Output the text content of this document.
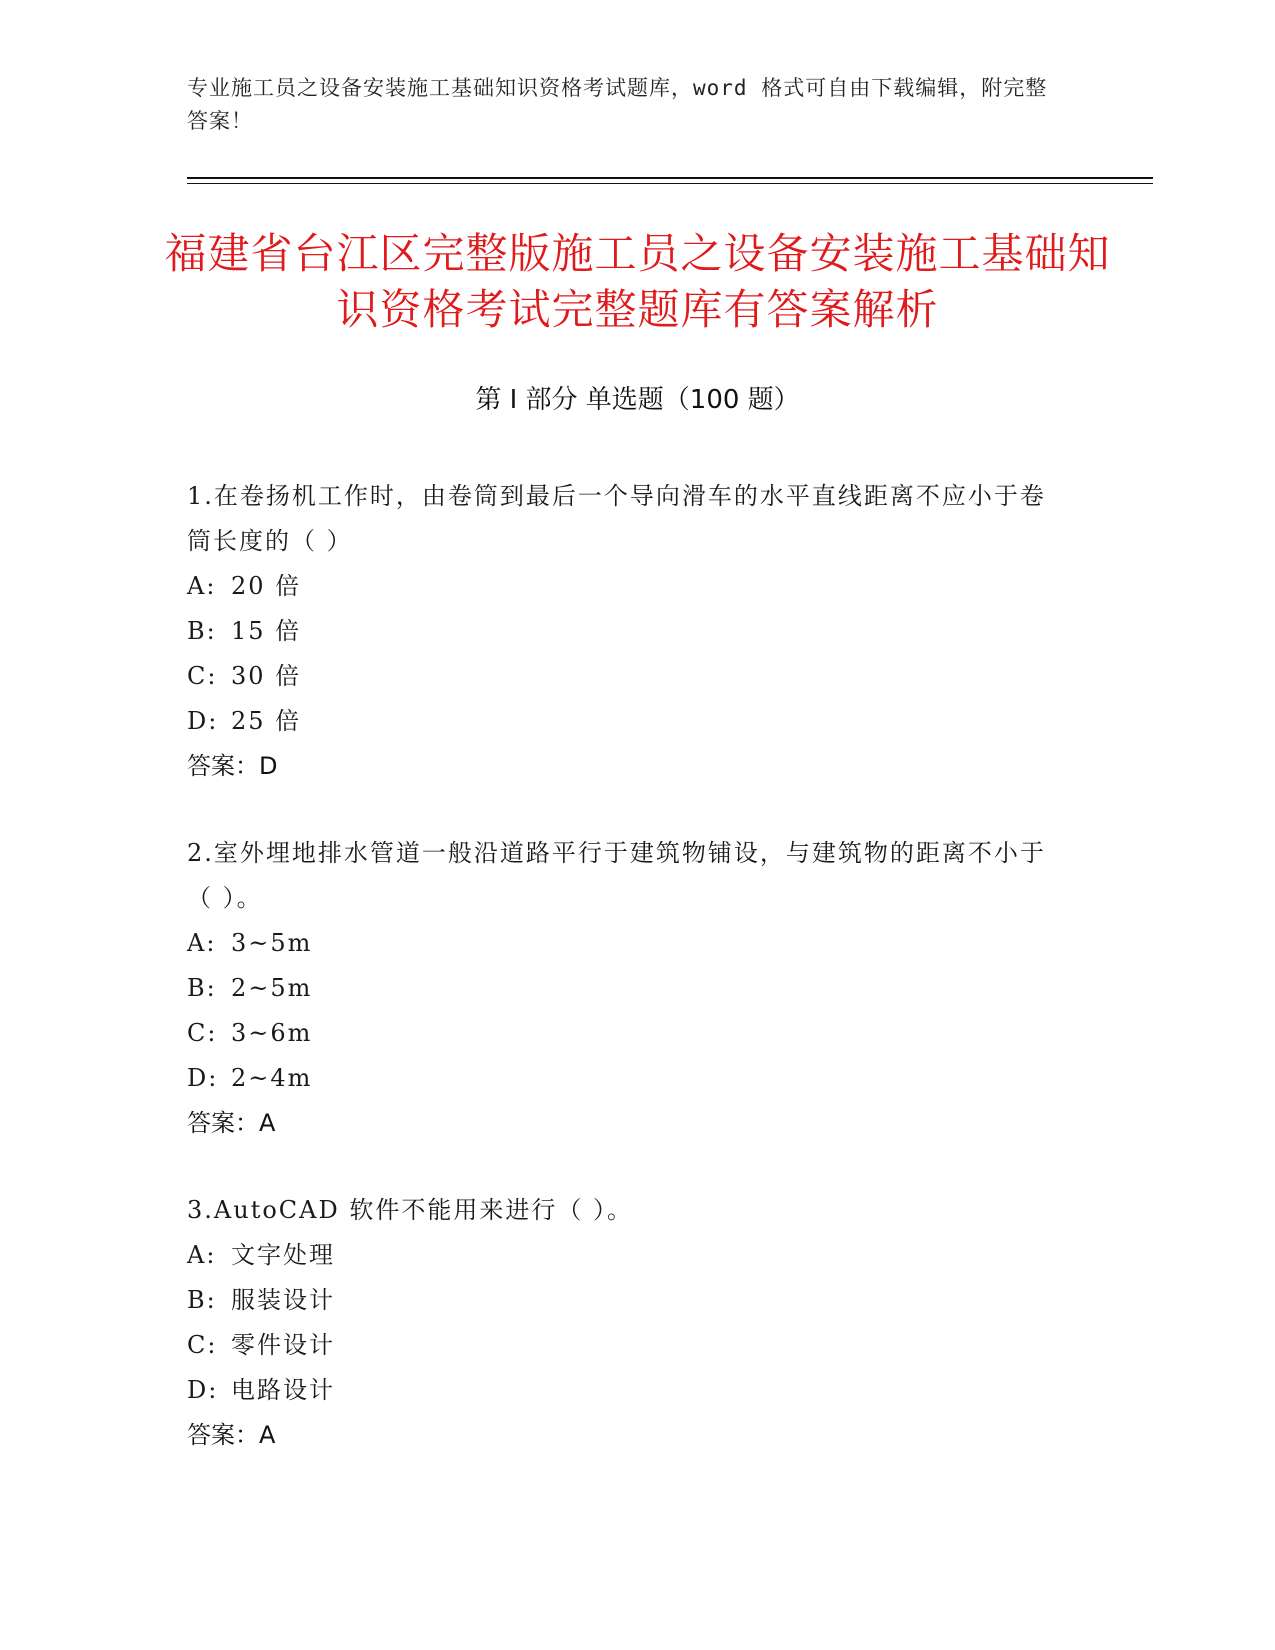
专业施工员之设备安装施工基础知识资格考试题库，word 格式可自由下载编辑，附完整答案！
福建省台江区完整版施工员之设备安装施工基础知识资格考试完整题库有答案解析
第 I 部分 单选题（100 题）
1.在卷扬机工作时，由卷筒到最后一个导向滑车的水平直线距离不应小于卷筒长度的（ ）
A: 20 倍
B: 15 倍
C: 30 倍
D: 25 倍
答案：D
2.室外埋地排水管道一般沿道路平行于建筑物铺设，与建筑物的距离不小于（ ）。
A: 3~5m
B: 2~5m
C: 3~6m
D: 2~4m
答案：A
3.AutoCAD 软件不能用来进行（ ）。
A: 文字处理
B: 服装设计
C: 零件设计
D: 电路设计
答案：A
